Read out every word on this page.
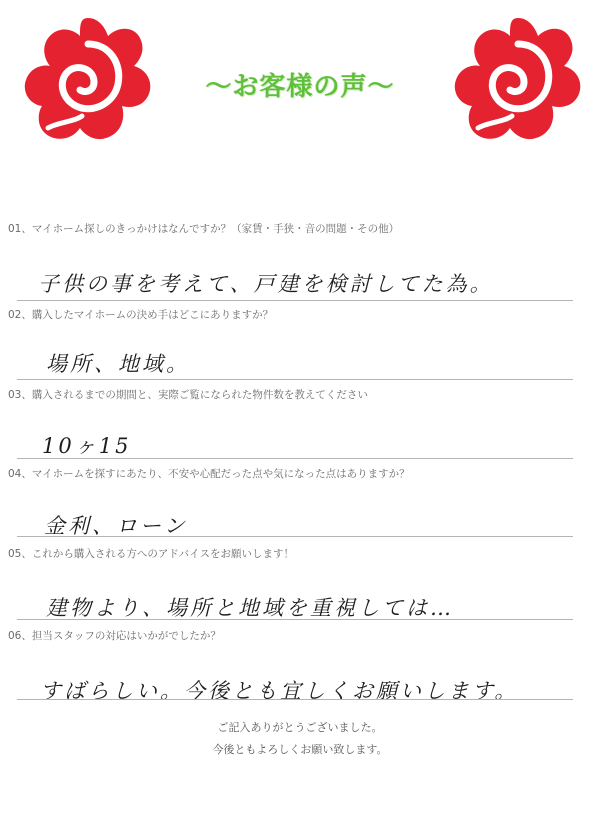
～お客様の声～
01、マイホーム探しのきっかけはなんですか？（家賃・手狭・音の問題・その他）
子供の事を考えて、戸建を検討してた為。
02、購入したマイホームの決め手はどこにありますか？
場所、地域。
03、購入されるまでの期間と、実際ご覧になられた物件数を教えてください
10ヶ15
04、マイホームを探すにあたり、不安や心配だった点や気になった点はありますか？
金利、ローン
05、これから購入される方へのアドバイスをお願いします！
建物より、場所と地域を重視しては…
06、担当スタッフの対応はいかがでしたか？
すばらしい。今後とも宜しくお願いします。
ご記入ありがとうございました。
今後ともよろしくお願い致します。
